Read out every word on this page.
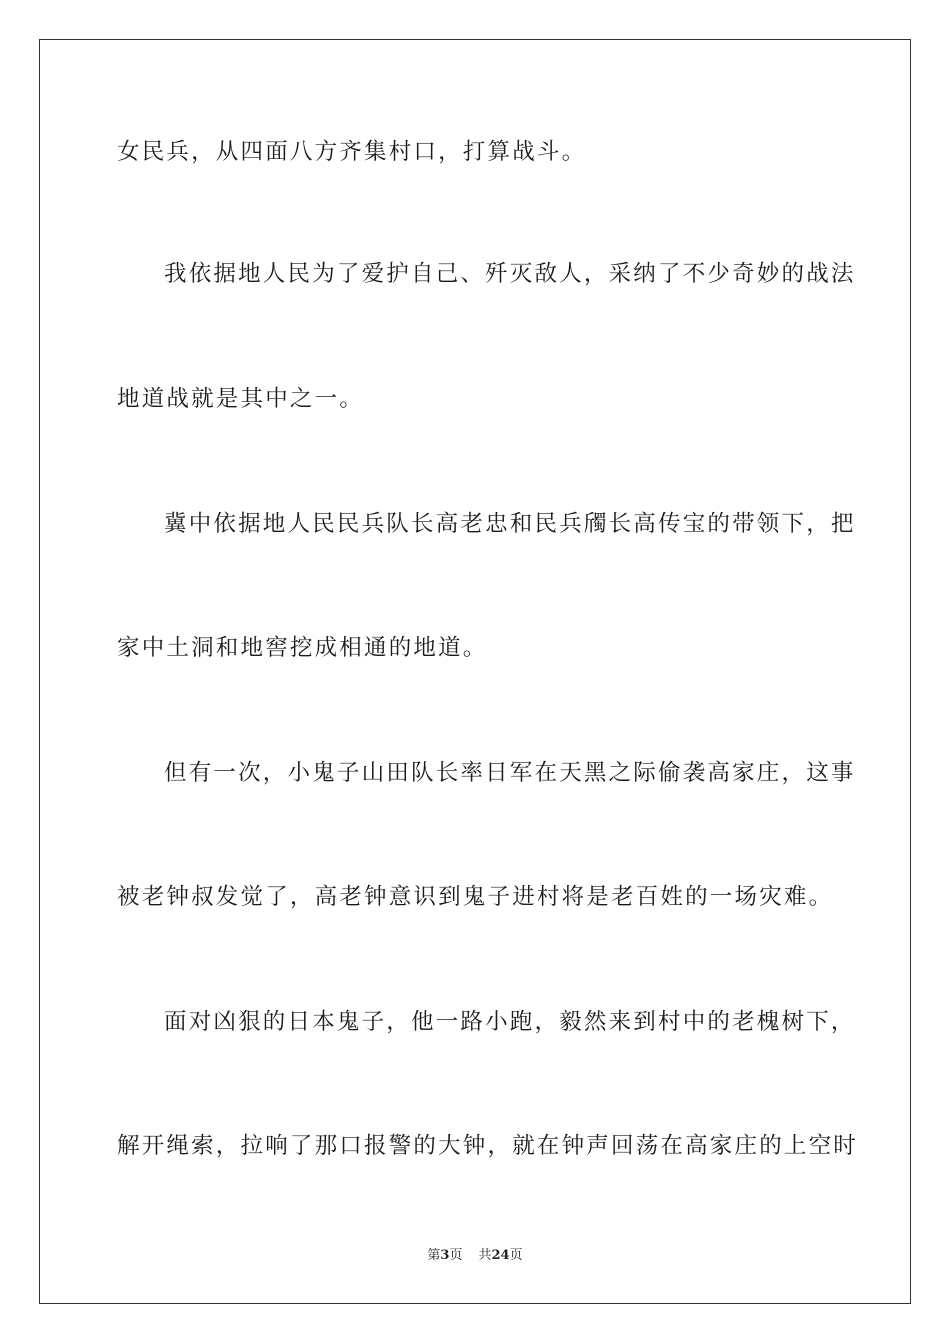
女民兵，从四面八方齐集村口，打算战斗。
我依据地人民为了爱护自己、歼灭敌人，采纳了不少奇妙的战法
地道战就是其中之一。
冀中依据地人民民兵队长高老忠和民兵斶长高传宝的带领下，把
家中土洞和地窖挖成相通的地道。
但有一次，小鬼子山田队长率日军在天黑之际偷袭高家庄，这事
被老钟叔发觉了，高老钟意识到鬼子进村将是老百姓的一场灾难。
面对凶狠的日本鬼子，他一路小跑，毅然来到村中的老槐树下，
解开绳索，拉响了那口报警的大钟，就在钟声回荡在高家庄的上空时
第3页 共24页
